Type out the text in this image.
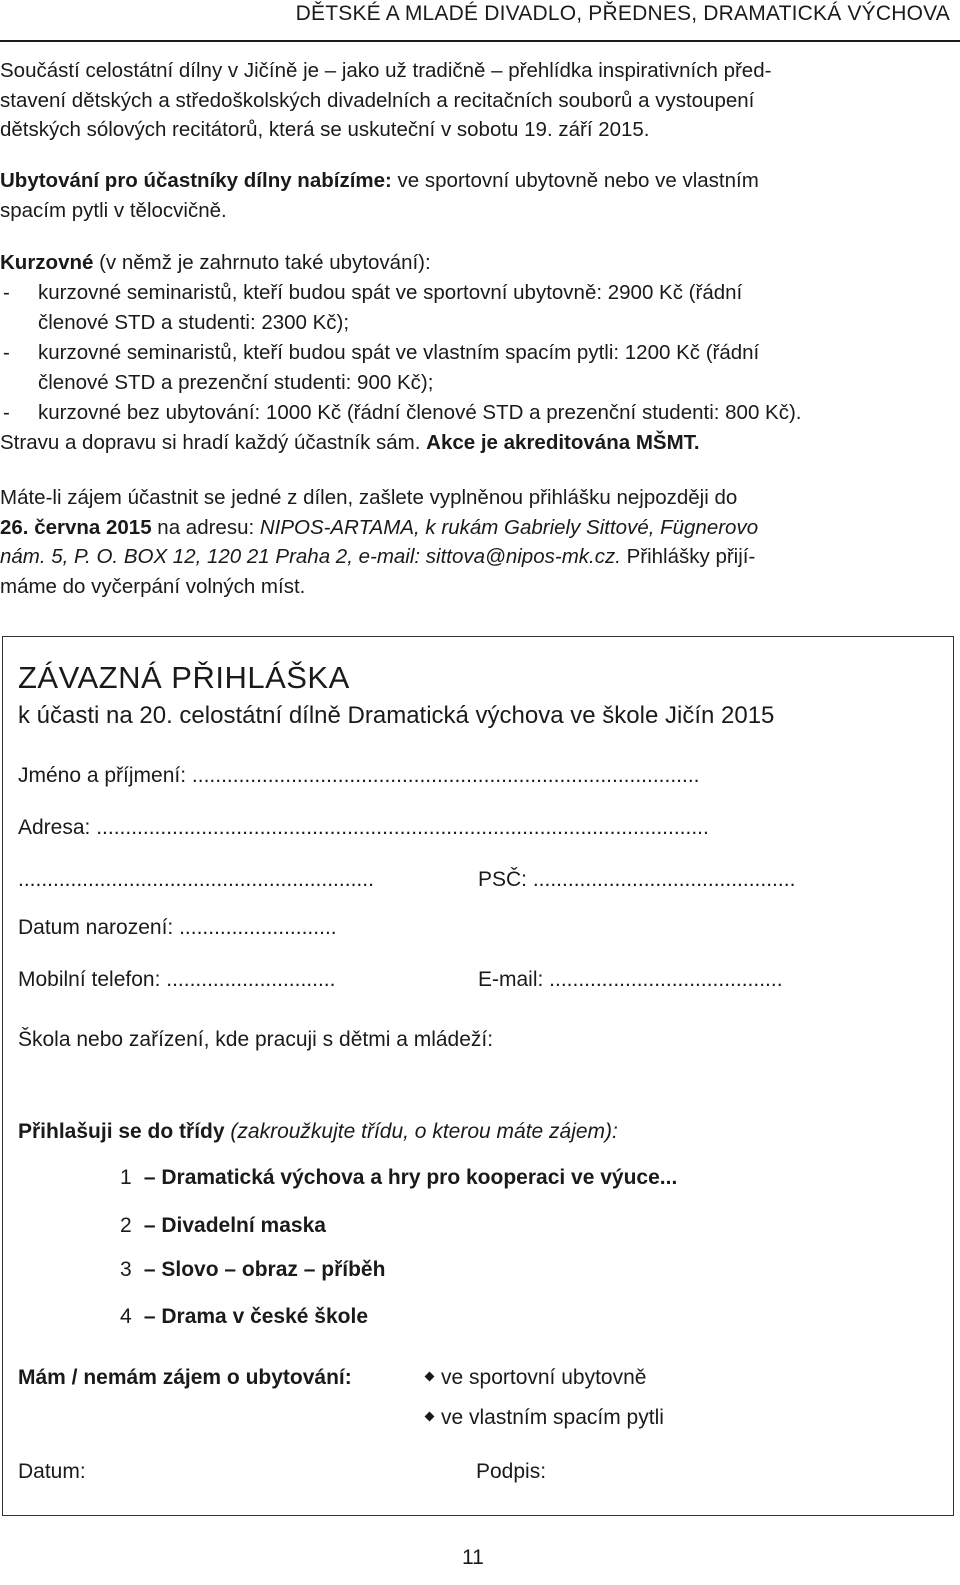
DĚTSKÉ A MLADÉ DIVADLO, PŘEDNES, DRAMATICKÁ VÝCHOVA
Součástí celostátní dílny v Jičíně je – jako už tradičně – přehlídka inspirativních před-
stavení dětských a středoškolských divadelních a recitačních souborů a vystoupení
dětských sólových recitátorů, která se uskuteční v sobotu 19. září 2015.
Ubytování pro účastníky dílny nabízíme: ve sportovní ubytovně nebo ve vlastním
spacím pytli v tělocvičně.
Kurzovné (v němž je zahrnuto také ubytování):
- kurzovné seminaristů, kteří budou spát ve sportovní ubytovně: 2900 Kč (řádní
členové STD a studenti: 2300 Kč);
- kurzovné seminaristů, kteří budou spát ve vlastním spacím pytli: 1200 Kč (řádní
členové STD a prezenční studenti: 900 Kč);
- kurzovné bez ubytování: 1000 Kč (řádní členové STD a prezenční studenti: 800 Kč).
Stravu a dopravu si hradí každý účastník sám. Akce je akreditována MŠMT.
Máte-li zájem účastnit se jedné z dílen, zašlete vyplněnou přihlášku nejpozději do
26. června 2015 na adresu: NIPOS-ARTAMA, k rukám Gabriely Sittové, Fügnerovo
nám. 5, P. O. BOX 12, 120 21 Praha 2, e-mail: sittova@nipos-mk.cz. Přihlášky přijí-
máme do vyčerpání volných míst.
ZÁVAZNÁ PŘIHLÁŠKA
k účasti na 20. celostátní dílně Dramatická výchova ve škole Jičín 2015
Jméno a příjmení: .......................................................................................
Adresa: .........................................................................................................
.............................................................	PSČ: .............................................
Datum narození: ...........................
Mobilní telefon: .............................	E-mail: ........................................
Škola nebo zařízení, kde pracuji s dětmi a mládeží:
Přihlašuji se do třídy (zakroužkujte třídu, o kterou máte zájem):
1 – Dramatická výchova a hry pro kooperaci ve výuce...
2 – Divadelní maska
3 – Slovo – obraz – příběh
4 – Drama v české škole
Mám / nemám zájem o ubytování:	ve sportovní ubytovně
ve vlastním spacím pytli
Datum:	Podpis:
11
